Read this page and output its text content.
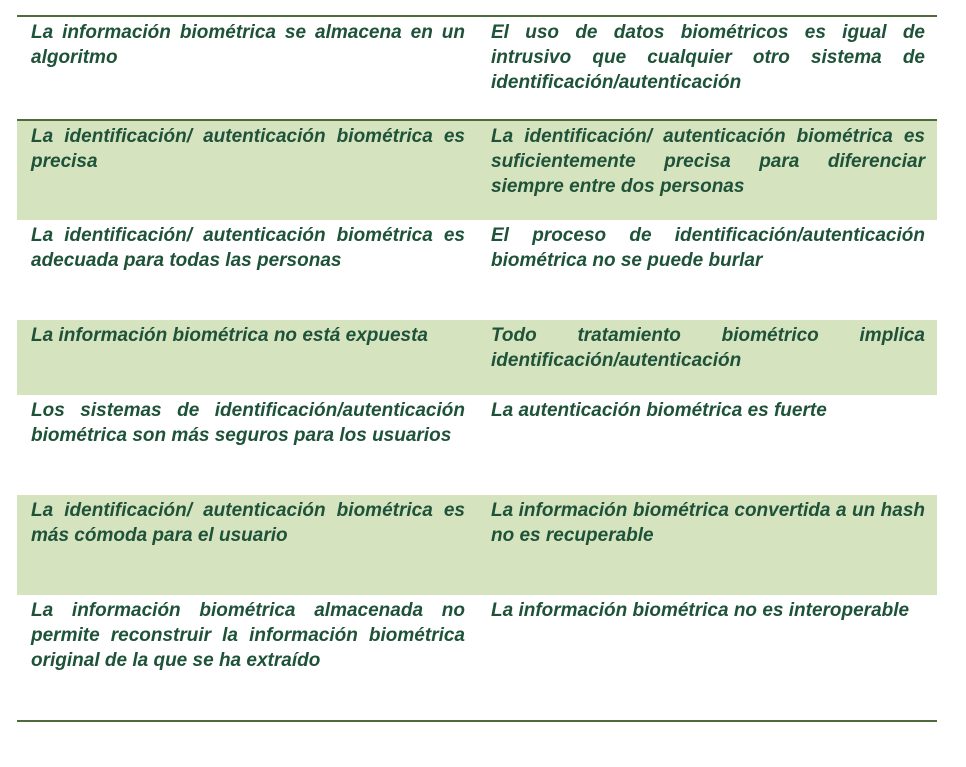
La información biométrica se almacena en un algoritmo
El uso de datos biométricos es igual de intrusivo que cualquier otro sistema de identificación/autenticación
La identificación/ autenticación biométrica es precisa
La identificación/ autenticación biométrica es suficientemente precisa para diferenciar siempre entre dos personas
La identificación/ autenticación biométrica es adecuada para todas las personas
El proceso de identificación/autenticación biométrica no se puede burlar
La información biométrica no está expuesta	Todo tratamiento biométrico implica identificación/autenticación
Los sistemas de identificación/autenticación biométrica son más seguros para los usuarios
La autenticación biométrica es fuerte
La identificación/ autenticación biométrica es más cómoda para el usuario
La información biométrica convertida a un hash no es recuperable
La información biométrica almacenada no permite reconstruir la información biométrica original de la que se ha extraído
La información biométrica no es interoperable
